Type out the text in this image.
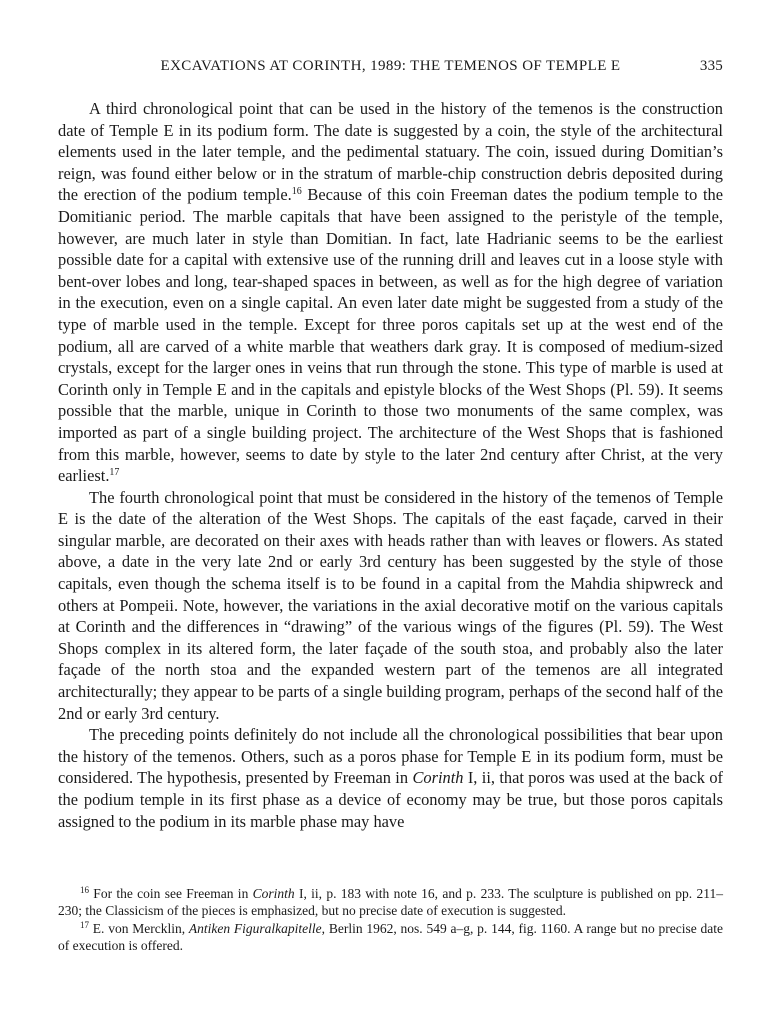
EXCAVATIONS AT CORINTH, 1989: THE TEMENOS OF TEMPLE E	335

A third chronological point that can be used in the history of the temenos is the construction date of Temple E in its podium form. The date is suggested by a coin, the style of the architectural elements used in the later temple, and the pedimental statuary. The coin, issued during Domitian’s reign, was found either below or in the stratum of marble-chip construction debris deposited during the erection of the podium temple.$^{16}$ Because of this coin Freeman dates the podium temple to the Domitianic period. The marble capitals that have been assigned to the peristyle of the temple, however, are much later in style than Domitian. In fact, late Hadrianic seems to be the earliest possible date for a capital with extensive use of the running drill and leaves cut in a loose style with bent-over lobes and long, tear-shaped spaces in between, as well as for the high degree of variation in the execution, even on a single capital. An even later date might be suggested from a study of the type of marble used in the temple. Except for three poros capitals set up at the west end of the podium, all are carved of a white marble that weathers dark gray. It is composed of medium-sized crystals, except for the larger ones in veins that run through the stone. This type of marble is used at Corinth only in Temple E and in the capitals and epistyle blocks of the West Shops (Pl. 59). It seems possible that the marble, unique in Corinth to those two monuments of the same complex, was imported as part of a single building project. The architecture of the West Shops that is fashioned from this marble, however, seems to date by style to the later 2nd century after Christ, at the very earliest.$^{17}$

The fourth chronological point that must be considered in the history of the temenos of Temple E is the date of the alteration of the West Shops. The capitals of the east façade, carved in their singular marble, are decorated on their axes with heads rather than with leaves or flowers. As stated above, a date in the very late 2nd or early 3rd century has been suggested by the style of those capitals, even though the schema itself is to be found in a capital from the Mahdia shipwreck and others at Pompeii. Note, however, the variations in the axial decorative motif on the various capitals at Corinth and the differences in “drawing” of the various wings of the figures (Pl. 59). The West Shops complex in its altered form, the later façade of the south stoa, and probably also the later façade of the north stoa and the expanded western part of the temenos are all integrated architecturally; they appear to be parts of a single building program, perhaps of the second half of the 2nd or early 3rd century.

The preceding points definitely do not include all the chronological possibilities that bear upon the history of the temenos. Others, such as a poros phase for Temple E in its podium form, must be considered. The hypothesis, presented by Freeman in Corinth I, ii, that poros was used at the back of the podium temple in its first phase as a device of economy may be true, but those poros capitals assigned to the podium in its marble phase may have

$^{16}$ For the coin see Freeman in Corinth I, ii, p. 183 with note 16, and p. 233. The sculpture is published on pp. 211–230; the Classicism of the pieces is emphasized, but no precise date of execution is suggested.

$^{17}$ E. von Mercklin, Antiken Figuralkapitelle, Berlin 1962, nos. 549 a–g, p. 144, fig. 1160. A range but no precise date of execution is offered.
